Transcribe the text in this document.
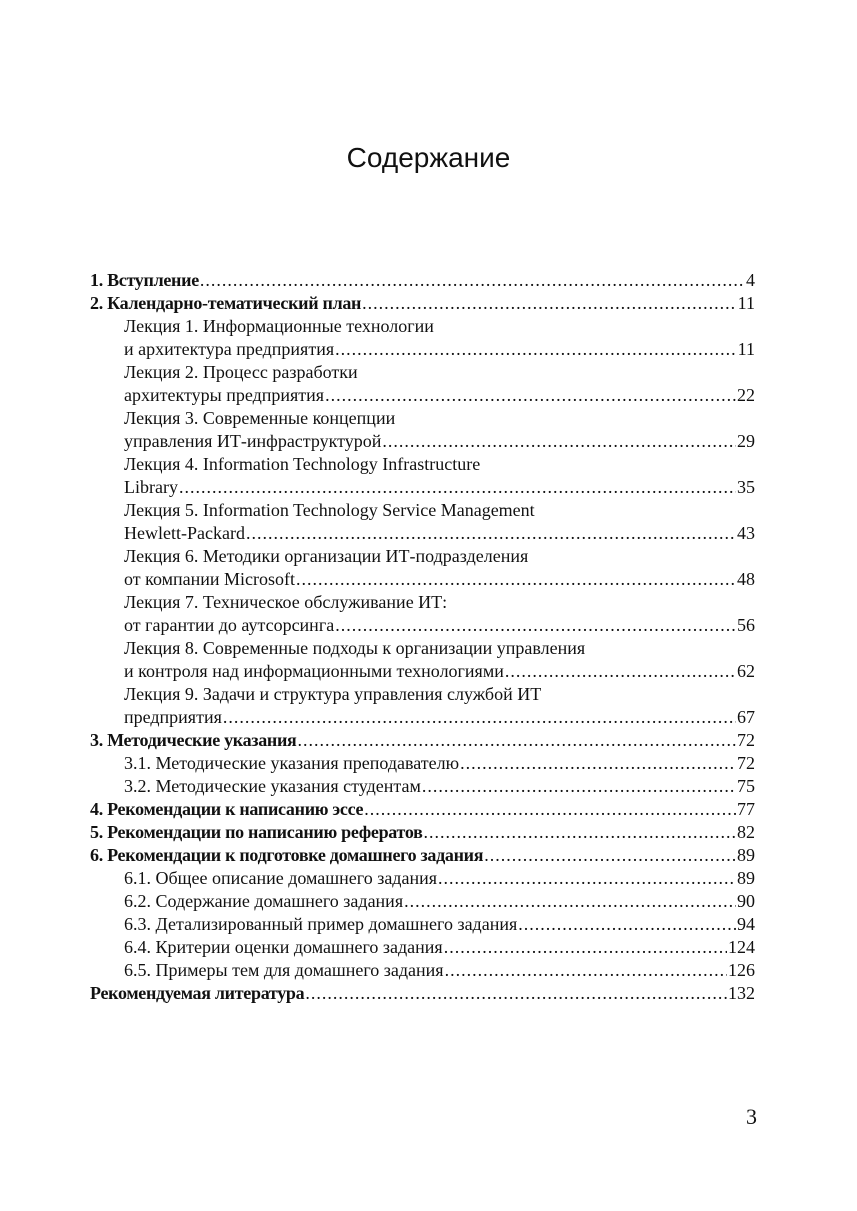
Содержание
1. Вступление .....	4
2. Календарно-тематический план .....	11
Лекция 1. Информационные технологии
и архитектура предприятия .....	11
Лекция 2. Процесс разработки
архитектуры предприятия .....	22
Лекция 3. Современные концепции
управления ИТ-инфраструктурой .....	29
Лекция 4. Information Technology Infrastructure
Library .....	35
Лекция 5. Information Technology Service Management
Hewlett-Packard .....	43
Лекция 6. Методики организации ИТ-подразделения
от компании Microsoft .....	48
Лекция 7. Техническое обслуживание ИТ:
от гарантии до аутсорсинга .....	56
Лекция 8. Современные подходы к организации управления
и контроля над информационными технологиями .....	62
Лекция 9. Задачи и структура управления службой ИТ
предприятия .....	67
3. Методические указания .....	72
3.1. Методические указания преподавателю .....	72
3.2. Методические указания студентам .....	75
4. Рекомендации к написанию эссе .....	77
5. Рекомендации по написанию рефератов .....	82
6. Рекомендации к подготовке домашнего задания .....	89
6.1. Общее описание домашнего задания .....	89
6.2. Содержание домашнего задания .....	90
6.3. Детализированный пример домашнего задания .....	94
6.4. Критерии оценки домашнего задания .....	124
6.5. Примеры тем для домашнего задания .....	126
Рекомендуемая литература .....	132
3
